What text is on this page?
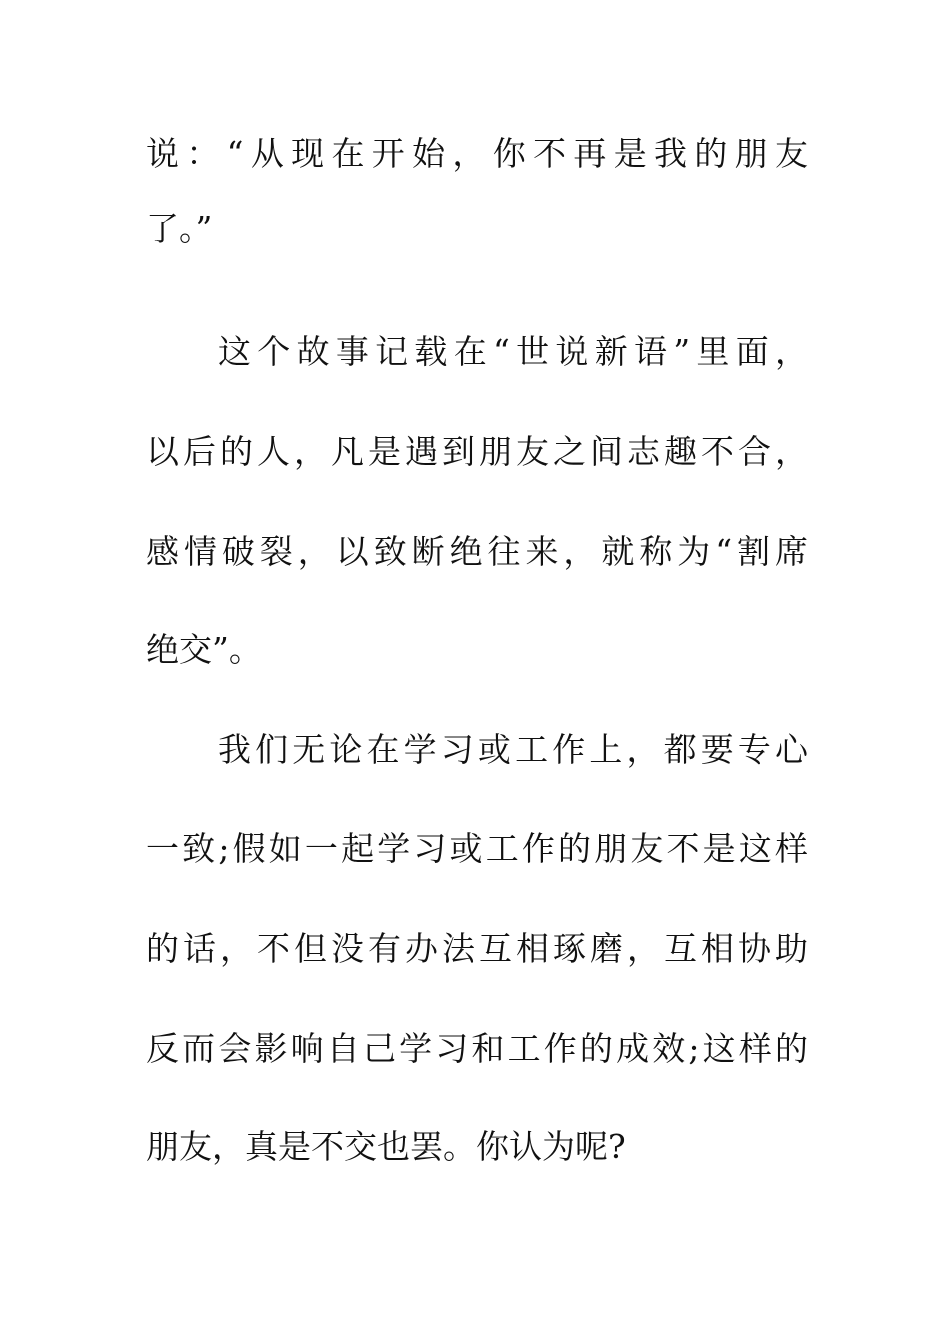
说：“从现在开始，你不再是我的朋友
了。”
这个故事记载在“世说新语”里面，
以后的人，凡是遇到朋友之间志趣不合，
感情破裂，以致断绝往来，就称为“割席
绝交”。
我们无论在学习或工作上，都要专心
一致;假如一起学习或工作的朋友不是这样
的话，不但没有办法互相琢磨，互相协助
反而会影响自己学习和工作的成效;这样的
朋友，真是不交也罢。你认为呢?
